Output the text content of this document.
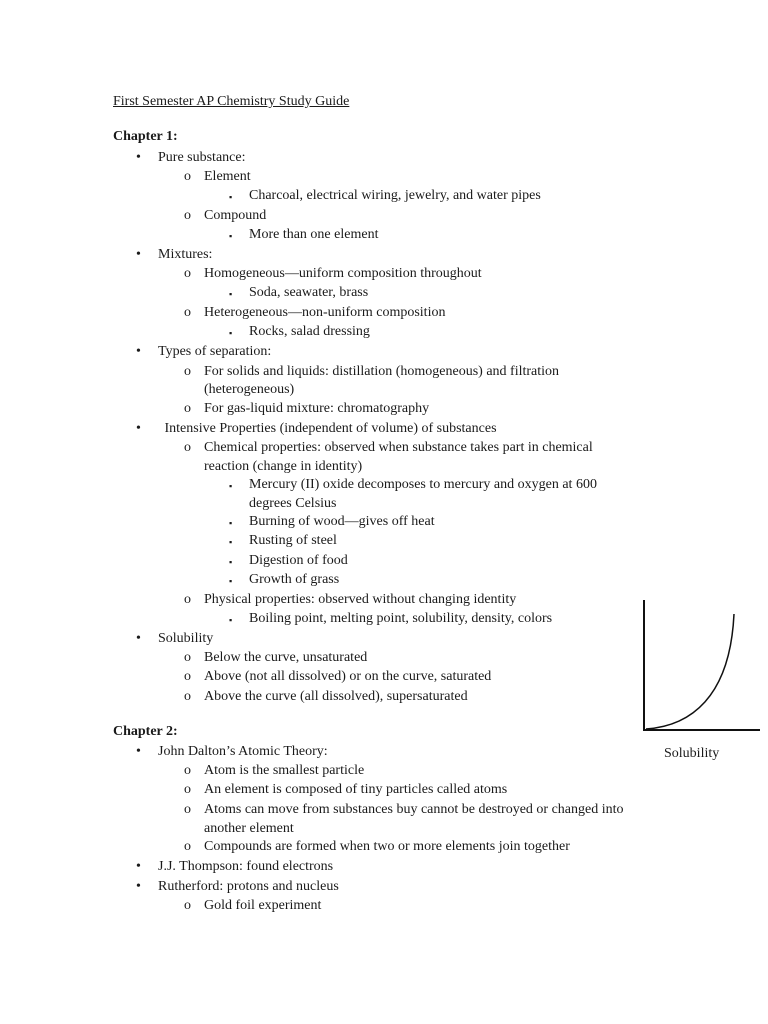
First Semester AP Chemistry Study Guide
Chapter 1:
• Pure substance:
o Element
▪ Charcoal, electrical wiring, jewelry, and water pipes
o Compound
▪ More than one element
• Mixtures:
o Homogeneous—uniform composition throughout
▪ Soda, seawater, brass
o Heterogeneous—non-uniform composition
▪ Rocks, salad dressing
• Types of separation:
o For solids and liquids: distillation (homogeneous) and filtration
(heterogeneous)
o For gas-liquid mixture: chromatography
• Intensive Properties (independent of volume) of substances
o Chemical properties: observed when substance takes part in chemical
reaction (change in identity)
▪ Mercury (II) oxide decomposes to mercury and oxygen at 600
degrees Celsius
▪ Burning of wood—gives off heat
▪ Rusting of steel
▪ Digestion of food
▪ Growth of grass
o Physical properties: observed without changing identity
▪ Boiling point, melting point, solubility, density, colors
• Solubility
o Below the curve, unsaturated
o Above (not all dissolved) or on the curve, saturated
o Above the curve (all dissolved), supersaturated
Solubility
Chapter 2:
• John Dalton’s Atomic Theory:
o Atom is the smallest particle
o An element is composed of tiny particles called atoms
o Atoms can move from substances buy cannot be destroyed or changed into
another element
o Compounds are formed when two or more elements join together
• J.J. Thompson: found electrons
• Rutherford: protons and nucleus
o Gold foil experiment
